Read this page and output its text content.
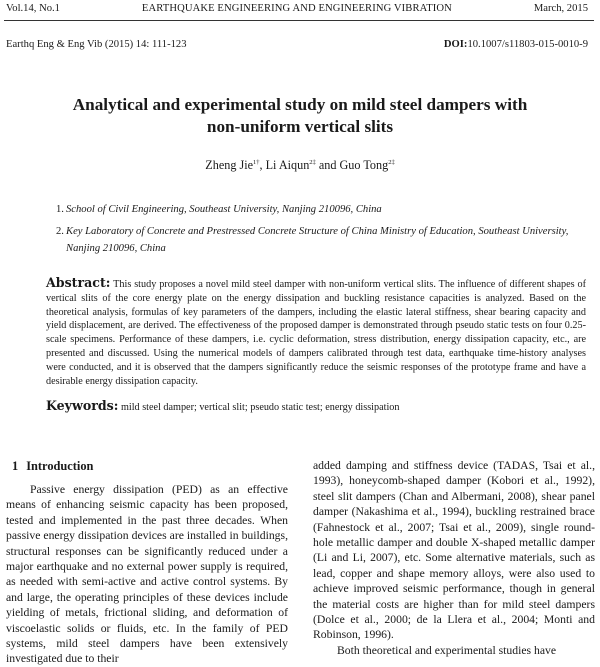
Vol.14, No.1	EARTHQUAKE ENGINEERING AND ENGINEERING VIBRATION	March, 2015
Earthq Eng & Eng Vib (2015) 14: 111-123	DOI:10.1007/s11803-015-0010-9
Analytical and experimental study on mild steel dampers with
non-uniform vertical slits
Zheng Jie$^{1\dagger}$, Li Aiqun$^{2\ddagger}$ and Guo Tong$^{2\ddagger}$
1. School of Civil Engineering, Southeast University, Nanjing 210096, China
2. Key Laboratory of Concrete and Prestressed Concrete Structure of China Ministry of Education, Southeast University, Nanjing 210096, China

Abstract: This study proposes a novel mild steel damper with non-uniform vertical slits. The influence of different shapes of vertical slits of the core energy plate on the energy dissipation and buckling resistance capacities is analyzed. Based on the theoretical analysis, formulas of key parameters of the dampers, including the elastic lateral stiffness, shear bearing capacity and yield displacement, are derived. The effectiveness of the proposed damper is demonstrated through pseudo static tests on four 0.25-scale specimens. Performance of these dampers, i.e. cyclic deformation, stress distribution, energy dissipation capacity, etc., are presented and discussed. Using the numerical models of dampers calibrated through test data, earthquake time-history analyses were conducted, and it is observed that the dampers significantly reduce the seismic responses of the prototype frame and have a desirable energy dissipation capacity.

Keywords: mild steel damper; vertical slit; pseudo static test; energy dissipation
1 Introduction

Passive energy dissipation (PED) as an effective means of enhancing seismic capacity has been proposed, tested and implemented in the past three decades. When passive energy dissipation devices are installed in buildings, structural responses can be significantly reduced under a major earthquake and no external power supply is required, as needed with semi-active and active control systems. By and large, the operating principles of these devices include yielding of metals, frictional sliding, and deformation of viscoelastic solids or fluids, etc. In the family of PED systems, mild steel dampers have been extensively investigated due to their

added damping and stiffness device (TADAS, Tsai et al., 1993), honeycomb-shaped damper (Kobori et al., 1992), steel slit dampers (Chan and Albermani, 2008), shear panel damper (Nakashima et al., 1994), buckling restrained brace (Fahnestock et al., 2007; Tsai et al., 2009), single round-hole metallic damper and double X-shaped metallic damper (Li and Li, 2007), etc. Some alternative materials, such as lead, copper and shape memory alloys, were also used to achieve improved seismic performance, though in general the material costs are higher than for mild steel dampers (Dolce et al., 2000; de la Llera et al., 2004; Monti and Robinson, 1996).

Both theoretical and experimental studies have
